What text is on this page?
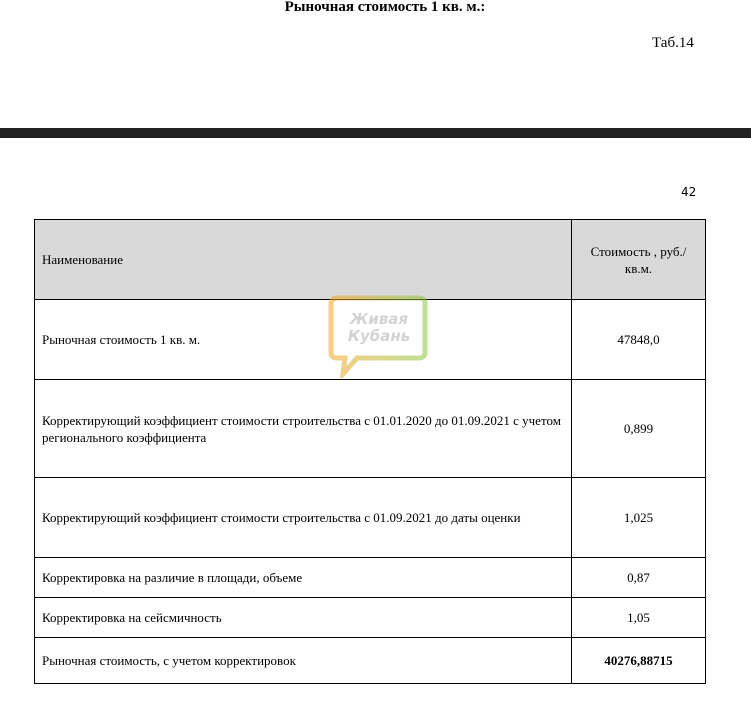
Рыночная стоимость 1 кв. м.:
Таб.14
42
Наименование	Стоимость , руб./кв.м.
Рыночная стоимость 1 кв. м.	47848,0
Корректирующий коэффициент стоимости строительства с 01.01.2020 до 01.09.2021 с учетом регионального коэффициента	0,899
Корректирующий коэффициент стоимости строительства с 01.09.2021 до даты оценки	1,025
Корректировка на различие в площади, объеме	0,87
Корректировка на сейсмичность	1,05
Рыночная стоимость, с учетом корректировок	40276,88715
Живая
Кубань
